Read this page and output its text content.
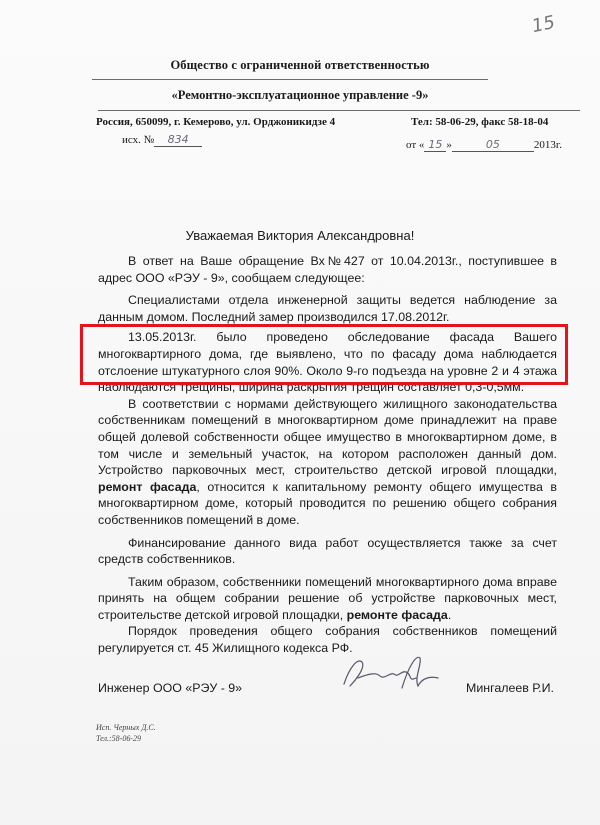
15
Общество с ограниченной ответственностью
«Ремонтно-эксплуатационное управление -9»
Россия, 650099, г. Кемерово, ул. Орджоникидзе 4	Тел: 58-06-29, факс 58-18-04
исх. № 834	от « 15 »	05	2013г.
Уважаемая Виктория Александровна!

В ответ на Ваше обращение Вх№427 от 10.04.2013г., поступившее в адрес ООО «РЭУ - 9», сообщаем следующее:

Специалистами отдела инженерной защиты ведется наблюдение за данным домом. Последний замер производился 17.08.2012г.

13.05.2013г. было проведено обследование фасада Вашего многоквартирного дома, где выявлено, что по фасаду дома наблюдается отслоение штукатурного слоя 90%. Около 9-го подъезда на уровне 2 и 4 этажа наблюдаются трещины, ширина раскрытия трещин составляет 0,3-0,5мм.

В соответствии с нормами действующего жилищного законодательства собственникам помещений в многоквартирном доме принадлежит на праве общей долевой собственности общее имущество в многоквартирном доме, в том числе и земельный участок, на котором расположен данный дом. Устройство парковочных мест, строительство детской игровой площадки, ремонт фасада, относится к капитальному ремонту общего имущества в многоквартирном доме, который проводится по решению общего собрания собственников помещений в доме.

Финансирование данного вида работ осуществляется также за счет средств собственников.

Таким образом, собственники помещений многоквартирного дома вправе принять на общем собрании решение об устройстве парковочных мест, строительстве детской игровой площадки, ремонте фасада.

Порядок проведения общего собрания собственников помещений регулируется ст. 45 Жилищного кодекса РФ.

Инженер ООО «РЭУ - 9»	Мингалеев Р.И.
Исп. Черных Д.С.
Тел.:58-06-29
